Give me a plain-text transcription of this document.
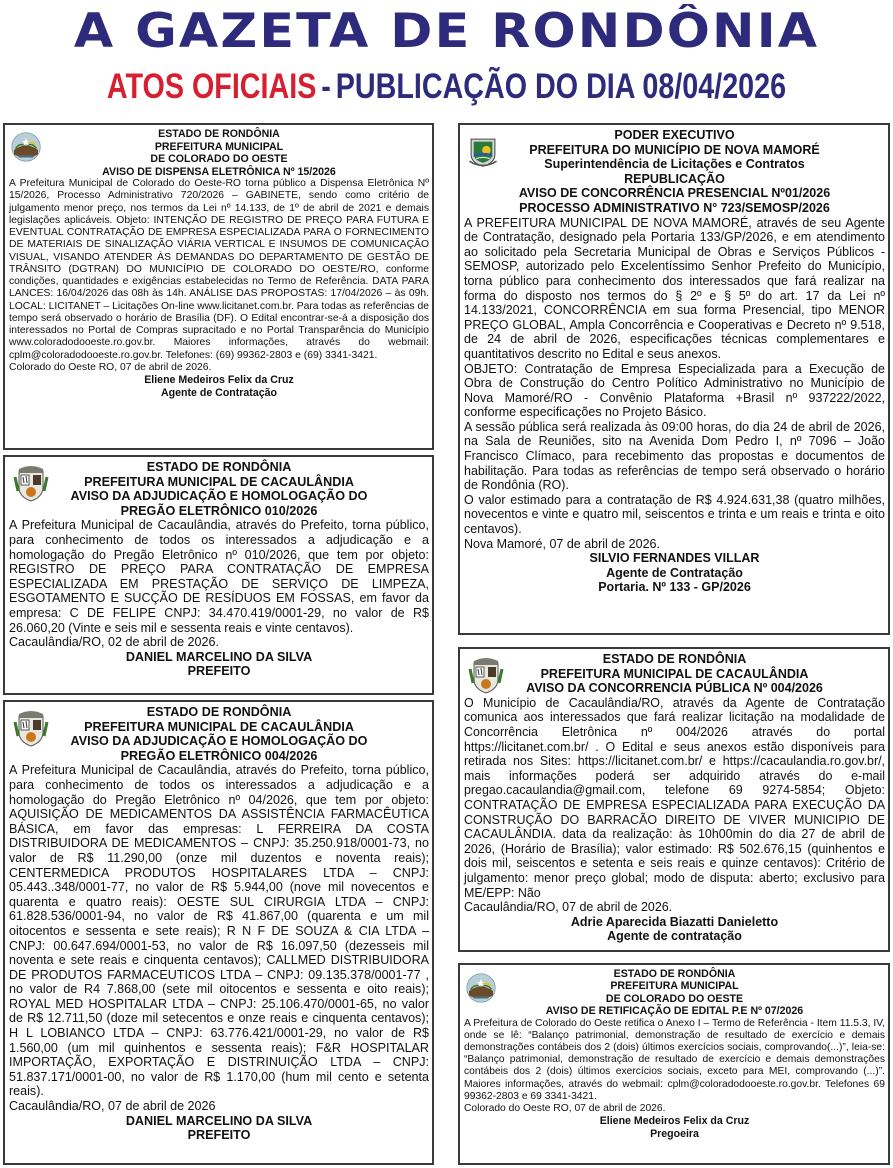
A GAZETA DE RONDÔNIA
ATOS OFICIAIS - PUBLICAÇÃO DO DIA 08/04/2026
ESTADO DE RONDÔNIA
PREFEITURA MUNICIPAL
DE COLORADO DO OESTE
AVISO DE DISPENSA ELETRÔNICA Nº 15/2026

A Prefeitura Municipal de Colorado do Oeste-RO torna público a Dispensa Eletrônica Nº 15/2026, Processo Administrativo 720/2026 – GABINETE, sendo como critério de julgamento menor preço, nos termos da Lei nº 14.133, de 1º de abril de 2021 e demais legislações aplicáveis. Objeto: INTENÇÃO DE REGISTRO DE PREÇO PARA FUTURA E EVENTUAL CONTRATAÇÃO DE EMPRESA ESPECIALIZADA PARA O FORNECIMENTO DE MATERIAIS DE SINALIZAÇÃO VIÁRIA VERTICAL E INSUMOS DE COMUNICAÇÃO VISUAL, VISANDO ATENDER ÀS DEMANDAS DO DEPARTAMENTO DE GESTÃO DE TRÂNSITO (DGTRAN) DO MUNICÍPIO DE COLORADO DO OESTE/RO, conforme condições, quantidades e exigências estabelecidas no Termo de Referência. DATA PARA LANCES: 16/04/2026 das 08h às 14h. ANÁLISE DAS PROPOSTAS: 17/04/2026 – às 09h. LOCAL: LICITANET – Licitações On-line www.licitanet.com.br. Para todas as referências de tempo será observado o horário de Brasília (DF). O Edital encontrar-se-á a disposição dos interessados no Portal de Compras supracitado e no Portal Transparência do Município www.coloradodooeste.ro.gov.br. Maiores informações, através do webmail: cplm@coloradodooeste.ro.gov.br. Telefones: (69) 99362-2803 e (69) 3341-3421.

Colorado do Oeste RO, 07 de abril de 2026.

Eliene Medeiros Felix da Cruz
Agente de Contratação
ESTADO DE RONDÔNIA
PREFEITURA MUNICIPAL DE CACAULÂNDIA
AVISO DA ADJUDICAÇÃO E HOMOLOGAÇÃO DO
PREGÃO ELETRÔNICO 010/2026

A Prefeitura Municipal de Cacaulândia, através do Prefeito, torna público, para conhecimento de todos os interessados a adjudicação e a homologação do Pregão Eletrônico nº 010/2026, que tem por objeto: REGISTRO DE PREÇO PARA CONTRATAÇÃO DE EMPRESA ESPECIALIZADA EM PRESTAÇÃO DE SERVIÇO DE LIMPEZA, ESGOTAMENTO E SUCÇÃO DE RESÍDUOS EM FOSSAS, em favor da empresa: C DE FELIPE CNPJ: 34.470.419/0001-29, no valor de R$ 26.060,20 (Vinte e seis mil e sessenta reais e vinte centavos).

Cacaulândia/RO, 02 de abril de 2026.

DANIEL MARCELINO DA SILVA
PREFEITO
ESTADO DE RONDÔNIA
PREFEITURA MUNICIPAL DE CACAULÂNDIA
AVISO DA ADJUDICAÇÃO E HOMOLOGAÇÃO DO
PREGÃO ELETRÔNICO 004/2026

A Prefeitura Municipal de Cacaulândia, através do Prefeito, torna público, para conhecimento de todos os interessados a adjudicação e a homologação do Pregão Eletrônico nº 04/2026, que tem por objeto: AQUISIÇÃO DE MEDICAMENTOS DA ASSISTÊNCIA FARMACÊUTICA BÁSICA, em favor das empresas: L FERREIRA DA COSTA DISTRIBUIDORA DE MEDICAMENTOS – CNPJ: 35.250.918/0001-73, no valor de R$ 11.290,00 (onze mil duzentos e noventa reais); CENTERMEDICA PRODUTOS HOSPITALARES LTDA – CNPJ: 05.443..348/0001-77, no valor de R$ 5.944,00 (nove mil novecentos e quarenta e quatro reais): OESTE SUL CIRURGIA LTDA – CNPJ: 61.828.536/0001-94, no valor de R$ 41.867,00 (quarenta e um mil oitocentos e sessenta e sete reais); R N F DE SOUZA & CIA LTDA – CNPJ: 00.647.694/0001-53, no valor de R$ 16.097,50 (dezesseis mil noventa e sete reais e cinquenta centavos); CALLMED DISTRIBUIDORA DE PRODUTOS FARMACEUTICOS LTDA – CNPJ: 09.135.378/0001-77 , no valor de R4 7.868,00 (sete mil oitocentos e sessenta e oito reais); ROYAL MED HOSPITALAR LTDA – CNPJ: 25.106.470/0001-65, no valor de R$ 12.711,50 (doze mil setecentos e onze reais e cinquenta centavos); H L LOBIANCO LTDA – CNPJ: 63.776.421/0001-29, no valor de R$ 1.560,00 (um mil quinhentos e sessenta reais); F&R HOSPITALAR IMPORTAÇÃO, EXPORTAÇÃO E DISTRINUIÇÃO LTDA – CNPJ: 51.837.171/0001-00, no valor de R$ 1.170,00 (hum mil cento e setenta reais).

Cacaulândia/RO, 07 de abril de 2026

DANIEL MARCELINO DA SILVA
PREFEITO
PODER EXECUTIVO
PREFEITURA DO MUNICÍPIO DE NOVA MAMORÉ
Superintendência de Licitações e Contratos
REPUBLICAÇÃO
AVISO DE CONCORRÊNCIA PRESENCIAL Nº01/2026
PROCESSO ADMINISTRATIVO N° 723/SEMOSP/2026

A PREFEITURA MUNICIPAL DE NOVA MAMORÉ, através de seu Agente de Contratação, designado pela Portaria 133/GP/2026, e em atendimento ao solicitado pela Secretaria Municipal de Obras e Serviços Públicos - SEMOSP, autorizado pelo Excelentíssimo Senhor Prefeito do Município, torna público para conhecimento dos interessados que fará realizar na forma do disposto nos termos do § 2º e § 5º do art. 17 da Lei nº 14.133/2021, CONCORRÊNCIA em sua forma Presencial, tipo MENOR PREÇO GLOBAL, Ampla Concorrência e Cooperativas e Decreto nº 9.518, de 24 de abril de 2026, especificações técnicas complementares e quantitativos descrito no Edital e seus anexos.

OBJETO: Contratação de Empresa Especializada para a Execução de Obra de Construção do Centro Político Administrativo no Município de Nova Mamoré/RO - Convênio Plataforma +Brasil nº 937222/2022, conforme especificações no Projeto Básico.

A sessão pública será realizada às 09:00 horas, do dia 24 de abril de 2026, na Sala de Reuniões, sito na Avenida Dom Pedro I, nº 7096 – João Francisco Clímaco, para recebimento das propostas e documentos de habilitação. Para todas as referências de tempo será observado o horário de Rondônia (RO).

O valor estimado para a contratação de R$ 4.924.631,38 (quatro milhões, novecentos e vinte e quatro mil, seiscentos e trinta e um reais e trinta e oito centavos).

Nova Mamoré, 07 de abril de 2026.

SILVIO FERNANDES VILLAR
Agente de Contratação
Portaria. Nº 133 - GP/2026
ESTADO DE RONDÔNIA
PREFEITURA MUNICIPAL DE CACAULÂNDIA
AVISO DA CONCORRENCIA PÚBLICA Nº 004/2026

O Município de Cacaulândia/RO, através da Agente de Contratação comunica aos interessados que fará realizar licitação na modalidade de Concorrência Eletrônica nº 004/2026 através do portal https://licitanet.com.br/ . O Edital e seus anexos estão disponíveis para retirada nos Sites: https://licitanet.com.br/ e https://cacaulandia.ro.gov.br/, mais informações poderá ser adquirido através do e-mail pregao.cacaulandia@gmail.com, telefone 69 9274-5854; Objeto: CONTRATAÇÃO DE EMPRESA ESPECIALIZADA PARA EXECUÇÃO DA CONSTRUÇÃO DO BARRACÃO DIREITO DE VIVER MUNICIPIO DE CACAULÂNDIA. data da realização: às 10h00min do dia 27 de abril de 2026, (Horário de Brasília); valor estimado: R$ 502.676,15 (quinhentos e dois mil, seiscentos e setenta e seis reais e quinze centavos): Critério de julgamento: menor preço global; modo de disputa: aberto; exclusivo para ME/EPP: Não

Cacaulândia/RO, 07 de abril de 2026.

Adrie Aparecida Biazatti Danieletto
Agente de contratação
ESTADO DE RONDÔNIA
PREFEITURA MUNICIPAL
DE COLORADO DO OESTE
AVISO DE RETIFICAÇÃO DE EDITAL P.E Nº 07/2026

A Prefeitura de Colorado do Oeste retifica o Anexo I – Termo de Referência - Item 11.5.3, IV, onde se lê: “Balanço patrimonial, demonstração de resultado de exercício e demais demonstrações contábeis dos 2 (dois) últimos exercícios sociais, comprovando(...)”, leia-se: “Balanço patrimonial, demonstração de resultado de exercício e demais demonstrações contábeis dos 2 (dois) últimos exercícios sociais, exceto para MEI, comprovando (...)”. Maiores informações, através do webmail: cplm@coloradodooeste.ro.gov.br. Telefones 69 99362-2803 e 69 3341-3421.

Colorado do Oeste RO, 07 de abril de 2026.

Eliene Medeiros Felix da Cruz
Pregoeira
